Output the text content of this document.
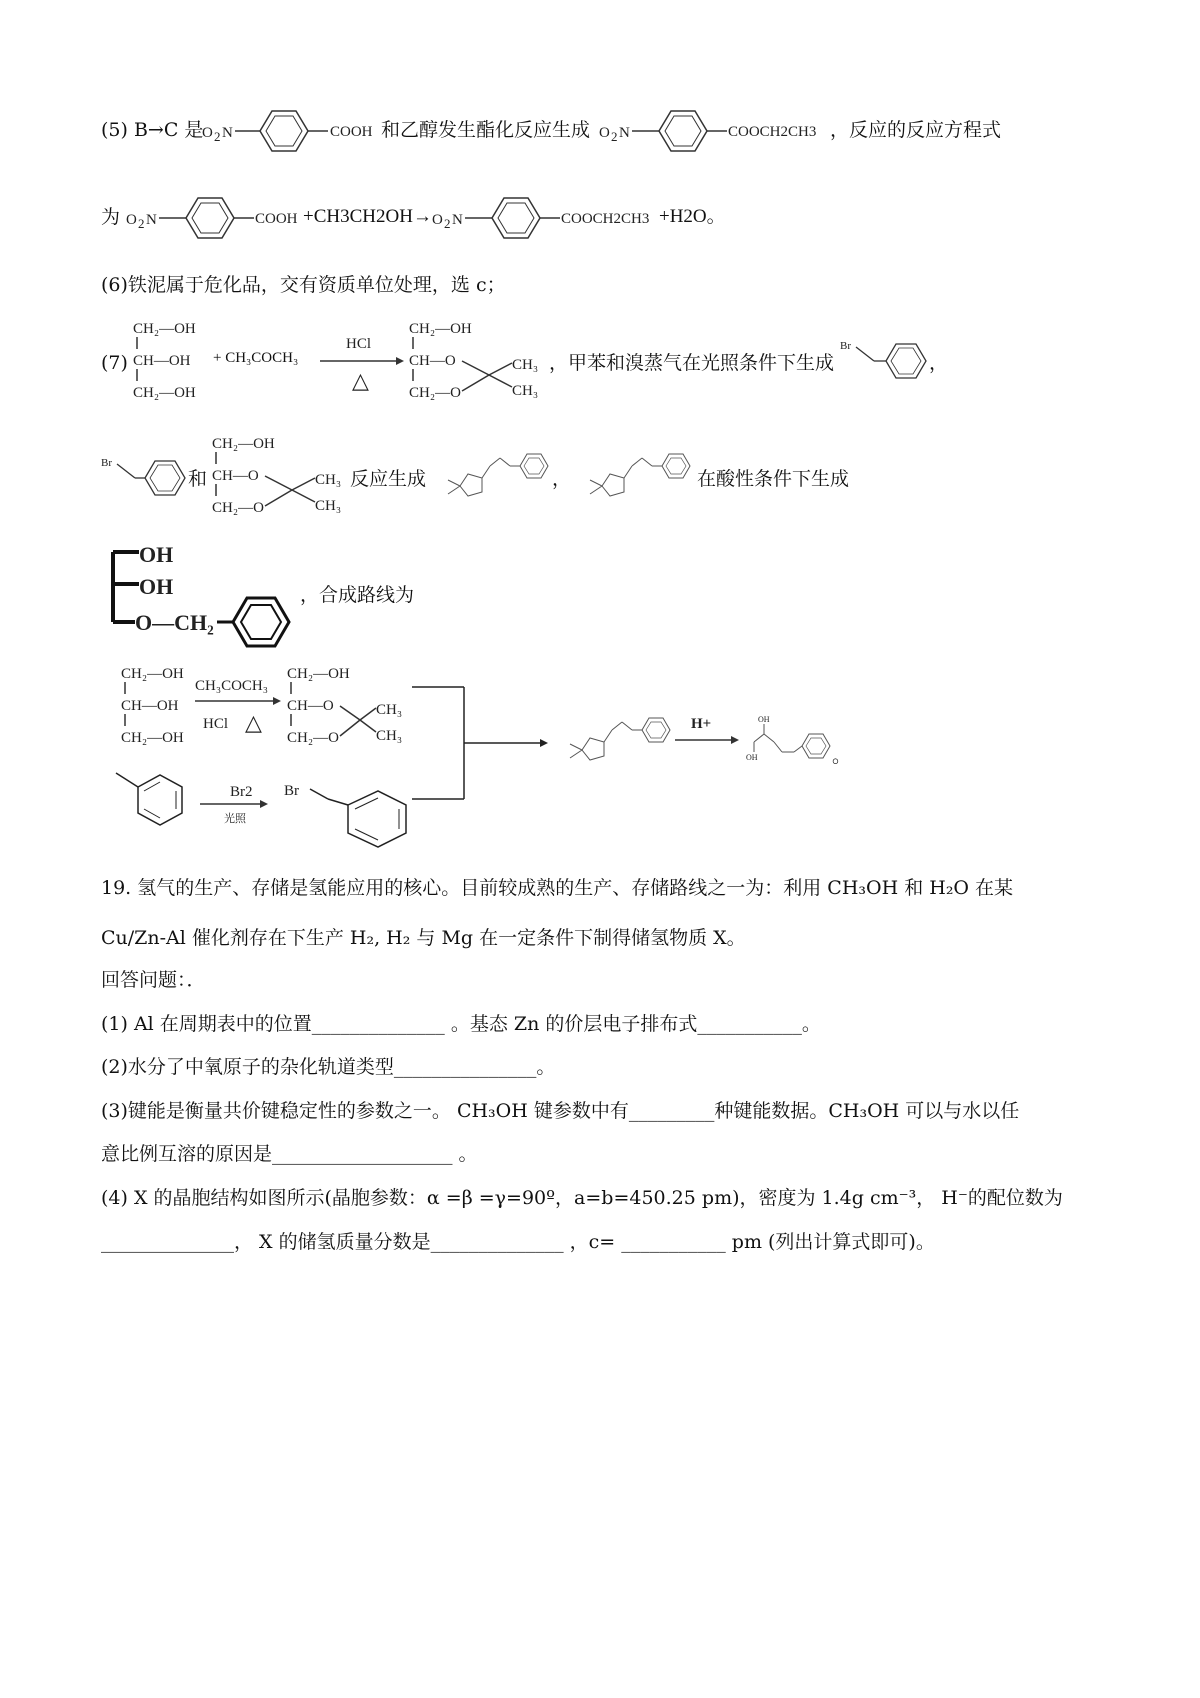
(5) B→C 是
O 2 N	COOH 和乙醇发生酯化反应生成 O 2 N	COOCH2CH3 ，反应的反应方程式
为 O 2 N	COOH +CH3CH2OH→ O 2 N	COOCH2CH3 +H2O。
(6)铁泥属于危化品，交有资质单位处理，选 c；
(7)
CH₂—OH
CH—OH
CH₂—OH
+ CH₃COCH₃
HCl
△
CH₂—OH
CH—O
CH₂—O
CH₃
CH₃
，甲苯和溴蒸气在光照条件下生成
Br
，
Br
和
CH₂—OH
CH—O
CH₂—O
CH₃
CH₃
反应生成	，	在酸性条件下生成
OH
OH
O—CH₂
，合成路线为
CH₂—OH
CH—OH
CH₂—OH
CH₃COCH₃
HCl △
CH₂—OH
CH—O
CH₂—O
CH₃
CH₃
Br2
光照
Br
H+	OH
OH	。
19. 氢气的生产、存储是氢能应用的核心。目前较成熟的生产、存储路线之一为：利用 CH₃OH 和 H₂O 在某
Cu/Zn-Al 催化剂存在下生产 H₂, H₂ 与 Mg 在一定条件下制得储氢物质 X。
回答问题：．
(1) Al 在周期表中的位置______________ 。基态 Zn 的价层电子排布式___________。
(2)水分了中氧原子的杂化轨道类型_______________。
(3)键能是衡量共价键稳定性的参数之一。 CH₃OH 键参数中有_________种键能数据。CH₃OH 可以与水以任
意比例互溶的原因是___________________ 。
(4) X 的晶胞结构如图所示(晶胞参数：α =β =γ=90º，a=b=450.25 pm)，密度为 1.4g cm⁻³， H⁻的配位数为
______________， X 的储氢质量分数是______________ ，c= ___________ pm (列出计算式即可)。
